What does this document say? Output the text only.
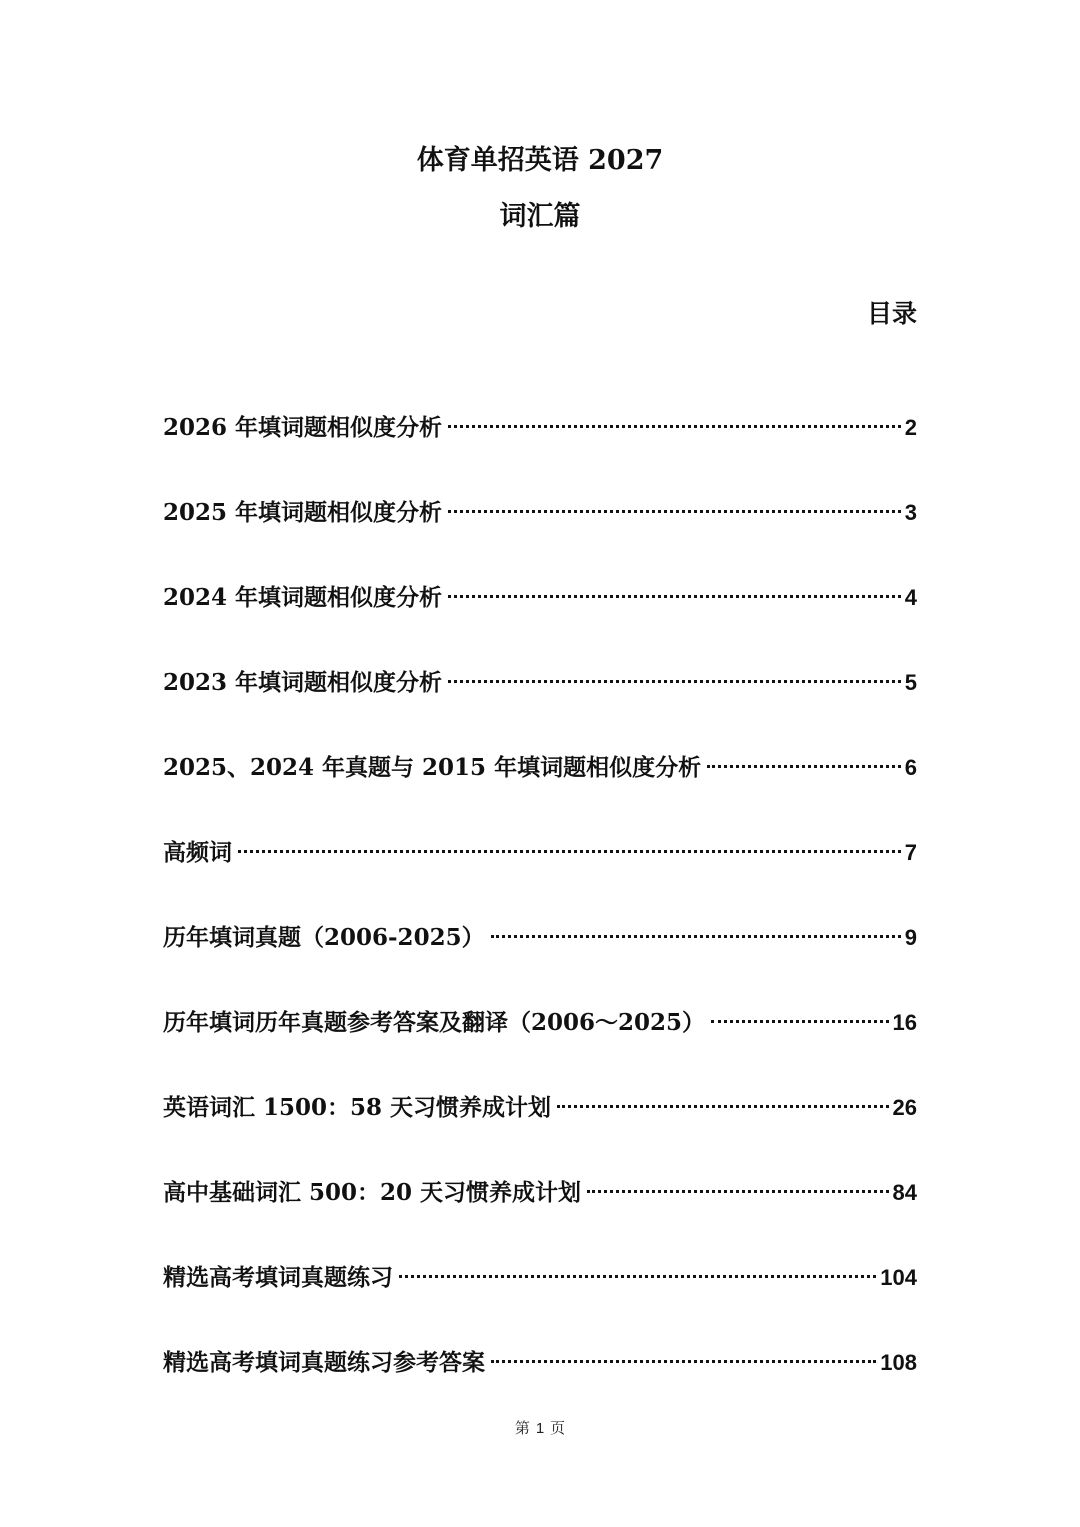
体育单招英语 2027
词汇篇
目录
2026 年填词题相似度分析	2
2025 年填词题相似度分析	3
2024 年填词题相似度分析	4
2023 年填词题相似度分析	5
2025、2024 年真题与 2015 年填词题相似度分析	6
高频词	7
历年填词真题（2006-2025）	9
历年填词历年真题参考答案及翻译（2006～2025）	16
英语词汇 1500：58 天习惯养成计划	26
高中基础词汇 500：20 天习惯养成计划	84
精选高考填词真题练习	104
精选高考填词真题练习参考答案	108
第 1 页
